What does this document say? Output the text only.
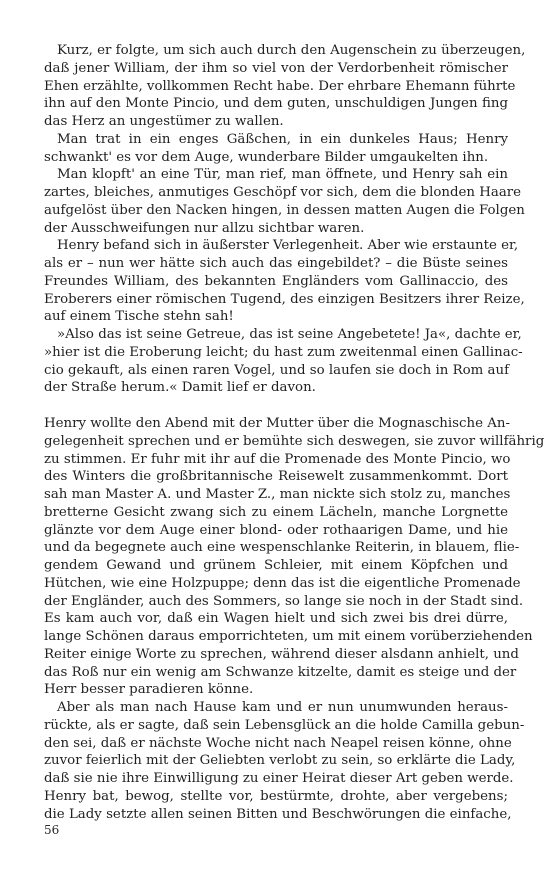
Kurz, er folgte, um sich auch durch den Augenschein zu überzeugen,
daß jener William, der ihm so viel von der Verdorbenheit römischer
Ehen erzählte, vollkommen Recht habe. Der ehrbare Ehemann führte
ihn auf den Monte Pincio, und dem guten, unschuldigen Jungen fing
das Herz an ungestümer zu wallen.
Man trat in ein enges Gäßchen, in ein dunkeles Haus; Henry
schwankt' es vor dem Auge, wunderbare Bilder umgaukelten ihn.
Man klopft' an eine Tür, man rief, man öffnete, und Henry sah ein
zartes, bleiches, anmutiges Geschöpf vor sich, dem die blonden Haare
aufgelöst über den Nacken hingen, in dessen matten Augen die Folgen
der Ausschweifungen nur allzu sichtbar waren.
Henry befand sich in äußerster Verlegenheit. Aber wie erstaunte er,
als er – nun wer hätte sich auch das eingebildet? – die Büste seines
Freundes William, des bekannten Engländers vom Gallinaccio, des
Eroberers einer römischen Tugend, des einzigen Besitzers ihrer Reize,
auf einem Tische stehn sah!
»Also das ist seine Getreue, das ist seine Angebetete! Ja«, dachte er,
»hier ist die Eroberung leicht; du hast zum zweitenmal einen Gallinac-
cio gekauft, als einen raren Vogel, und so laufen sie doch in Rom auf
der Straße herum.« Damit lief er davon.
Henry wollte den Abend mit der Mutter über die Mognaschische An-
gelegenheit sprechen und er bemühte sich deswegen, sie zuvor willfährig
zu stimmen. Er fuhr mit ihr auf die Promenade des Monte Pincio, wo
des Winters die großbritannische Reisewelt zusammenkommt. Dort
sah man Master A. und Master Z., man nickte sich stolz zu, manches
bretterne Gesicht zwang sich zu einem Lächeln, manche Lorgnette
glänzte vor dem Auge einer blond- oder rothaarigen Dame, und hie
und da begegnete auch eine wespenschlanke Reiterin, in blauem, flie-
gendem Gewand und grünem Schleier, mit einem Köpfchen und
Hütchen, wie eine Holzpuppe; denn das ist die eigentliche Promenade
der Engländer, auch des Sommers, so lange sie noch in der Stadt sind.
Es kam auch vor, daß ein Wagen hielt und sich zwei bis drei dürre,
lange Schönen daraus emporrichteten, um mit einem vorüberziehenden
Reiter einige Worte zu sprechen, während dieser alsdann anhielt, und
das Roß nur ein wenig am Schwanze kitzelte, damit es steige und der
Herr besser paradieren könne.
Aber als man nach Hause kam und er nun unumwunden heraus-
rückte, als er sagte, daß sein Lebensglück an die holde Camilla gebun-
den sei, daß er nächste Woche nicht nach Neapel reisen könne, ohne
zuvor feierlich mit der Geliebten verlobt zu sein, so erklärte die Lady,
daß sie nie ihre Einwilligung zu einer Heirat dieser Art geben werde.
Henry bat, bewog, stellte vor, bestürmte, drohte, aber vergebens;
die Lady setzte allen seinen Bitten und Beschwörungen die einfache,
56
